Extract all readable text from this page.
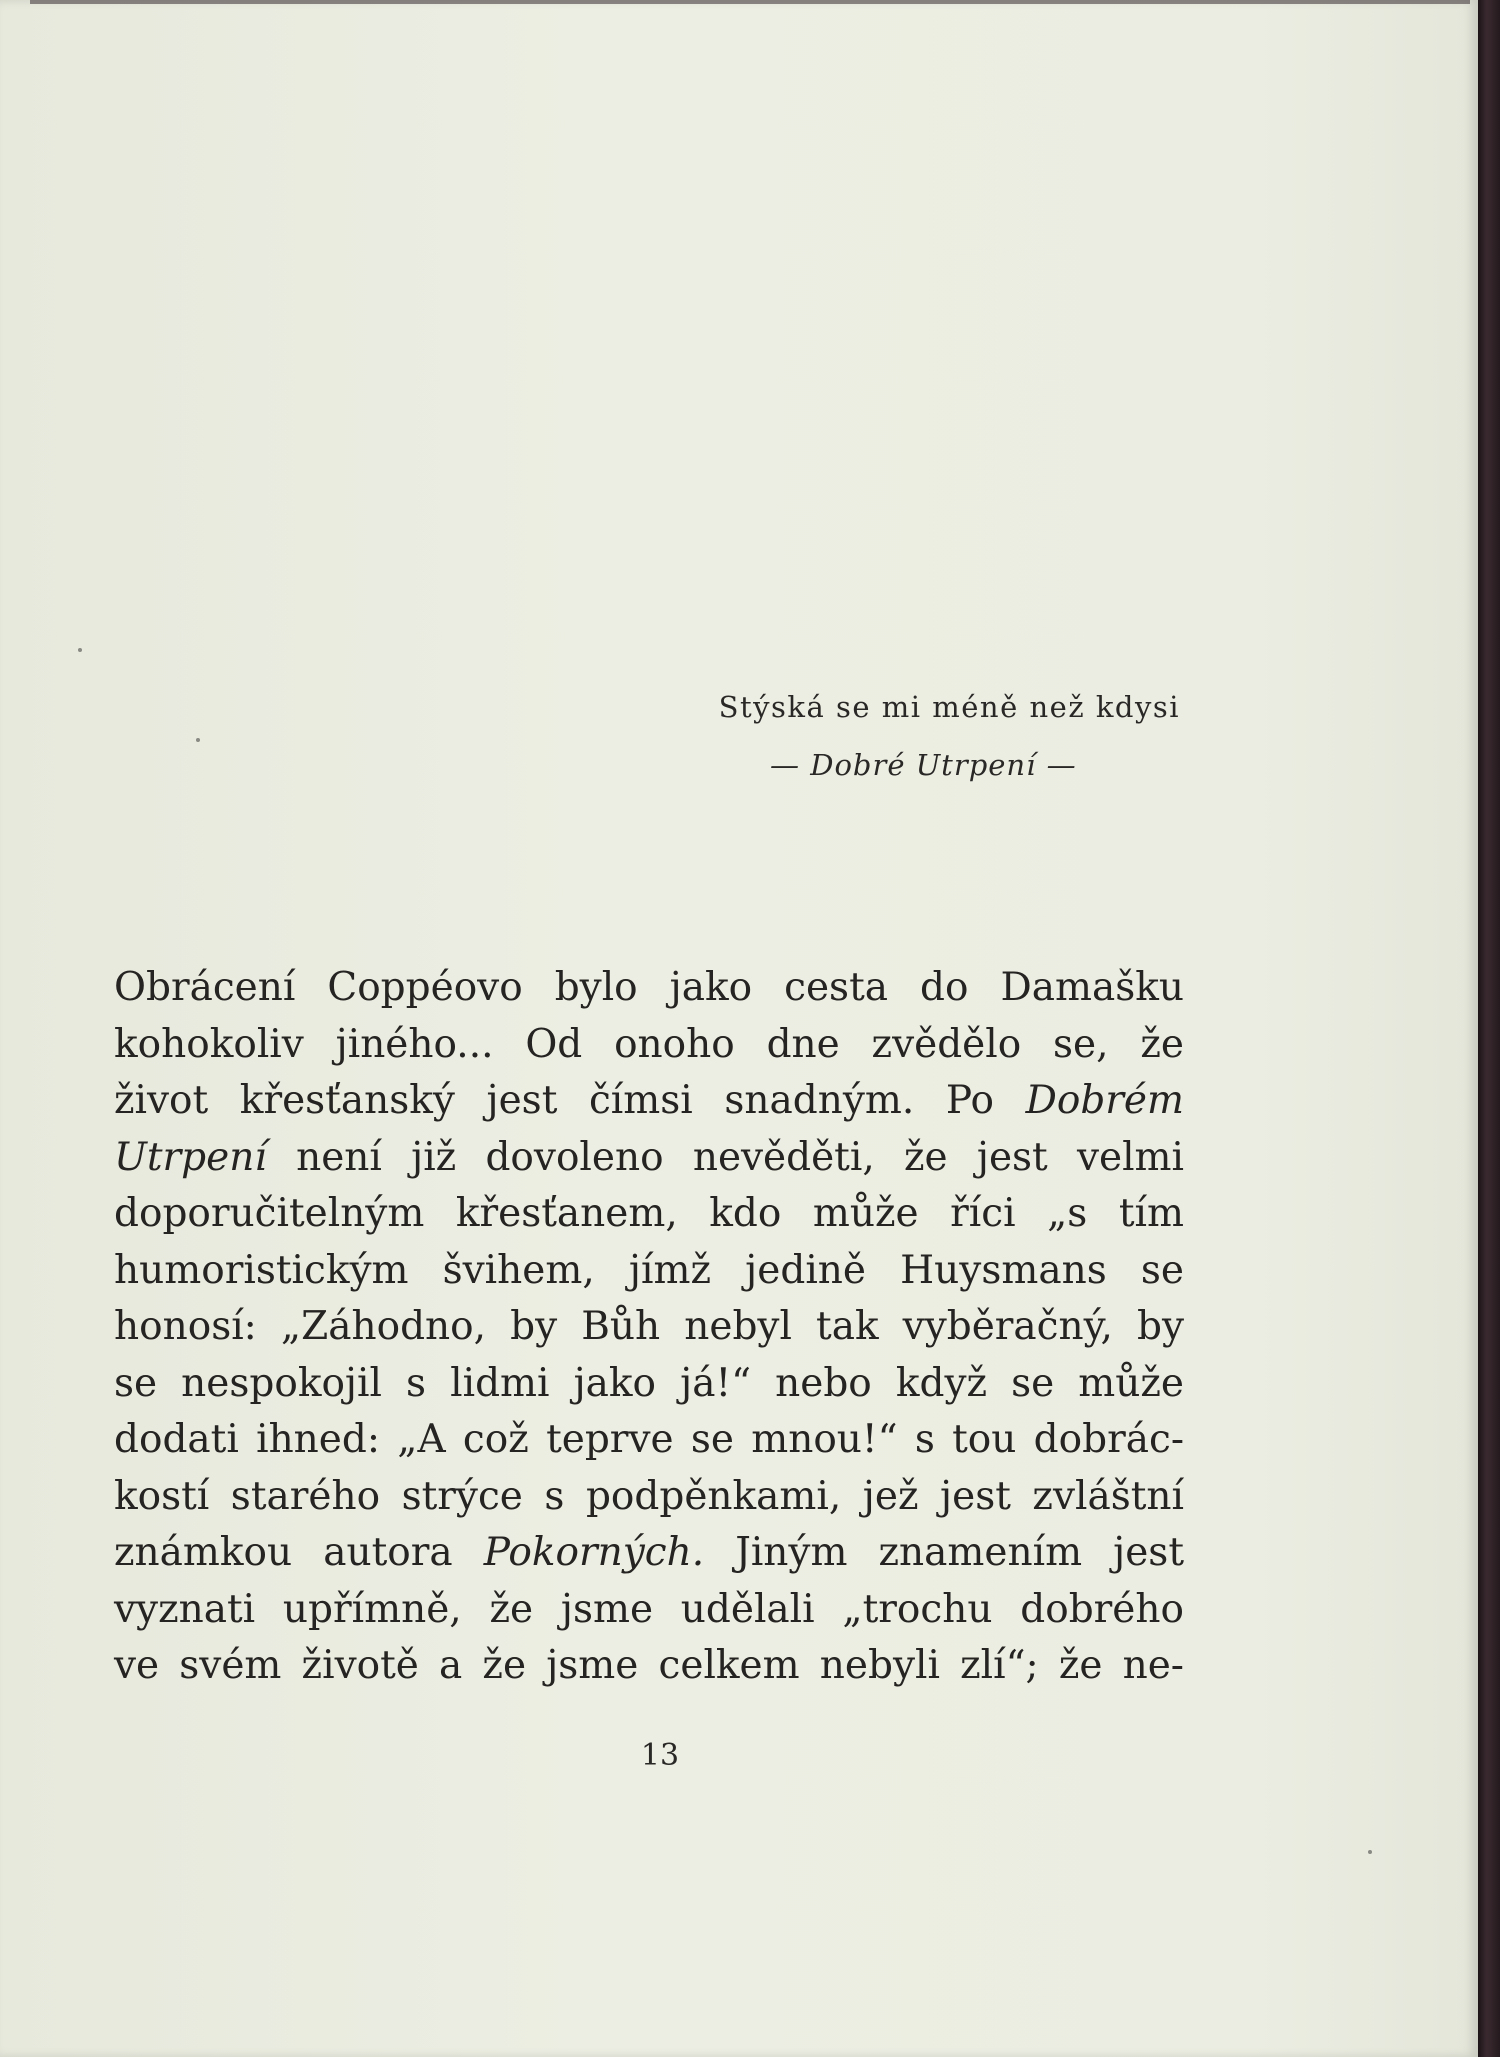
Stýská se mi méně než kdysi
— Dobré Utrpení —
Obrácení Coppéovo bylo jako cesta do Damašku
kohokoliv jiného... Od onoho dne zvědělo se, že
život křesťanský jest čímsi snadným. Po Dobrém
Utrpení není již dovoleno nevěděti, že jest velmi
doporučitelným křesťanem, kdo může říci „s tím
humoristickým švihem, jímž jedině Huysmans se
honosí: „Záhodno, by Bůh nebyl tak vyběračný, by
se nespokojil s lidmi jako já!“ nebo když se může
dodati ihned: „A což teprve se mnou!“ s tou dobrác-
kostí starého strýce s podpěnkami, jež jest zvláštní
známkou autora Pokorných. Jiným znamením jest
vyznati upřímně, že jsme udělali „trochu dobrého
ve svém životě a že jsme celkem nebyli zlí“; že ne-
13
